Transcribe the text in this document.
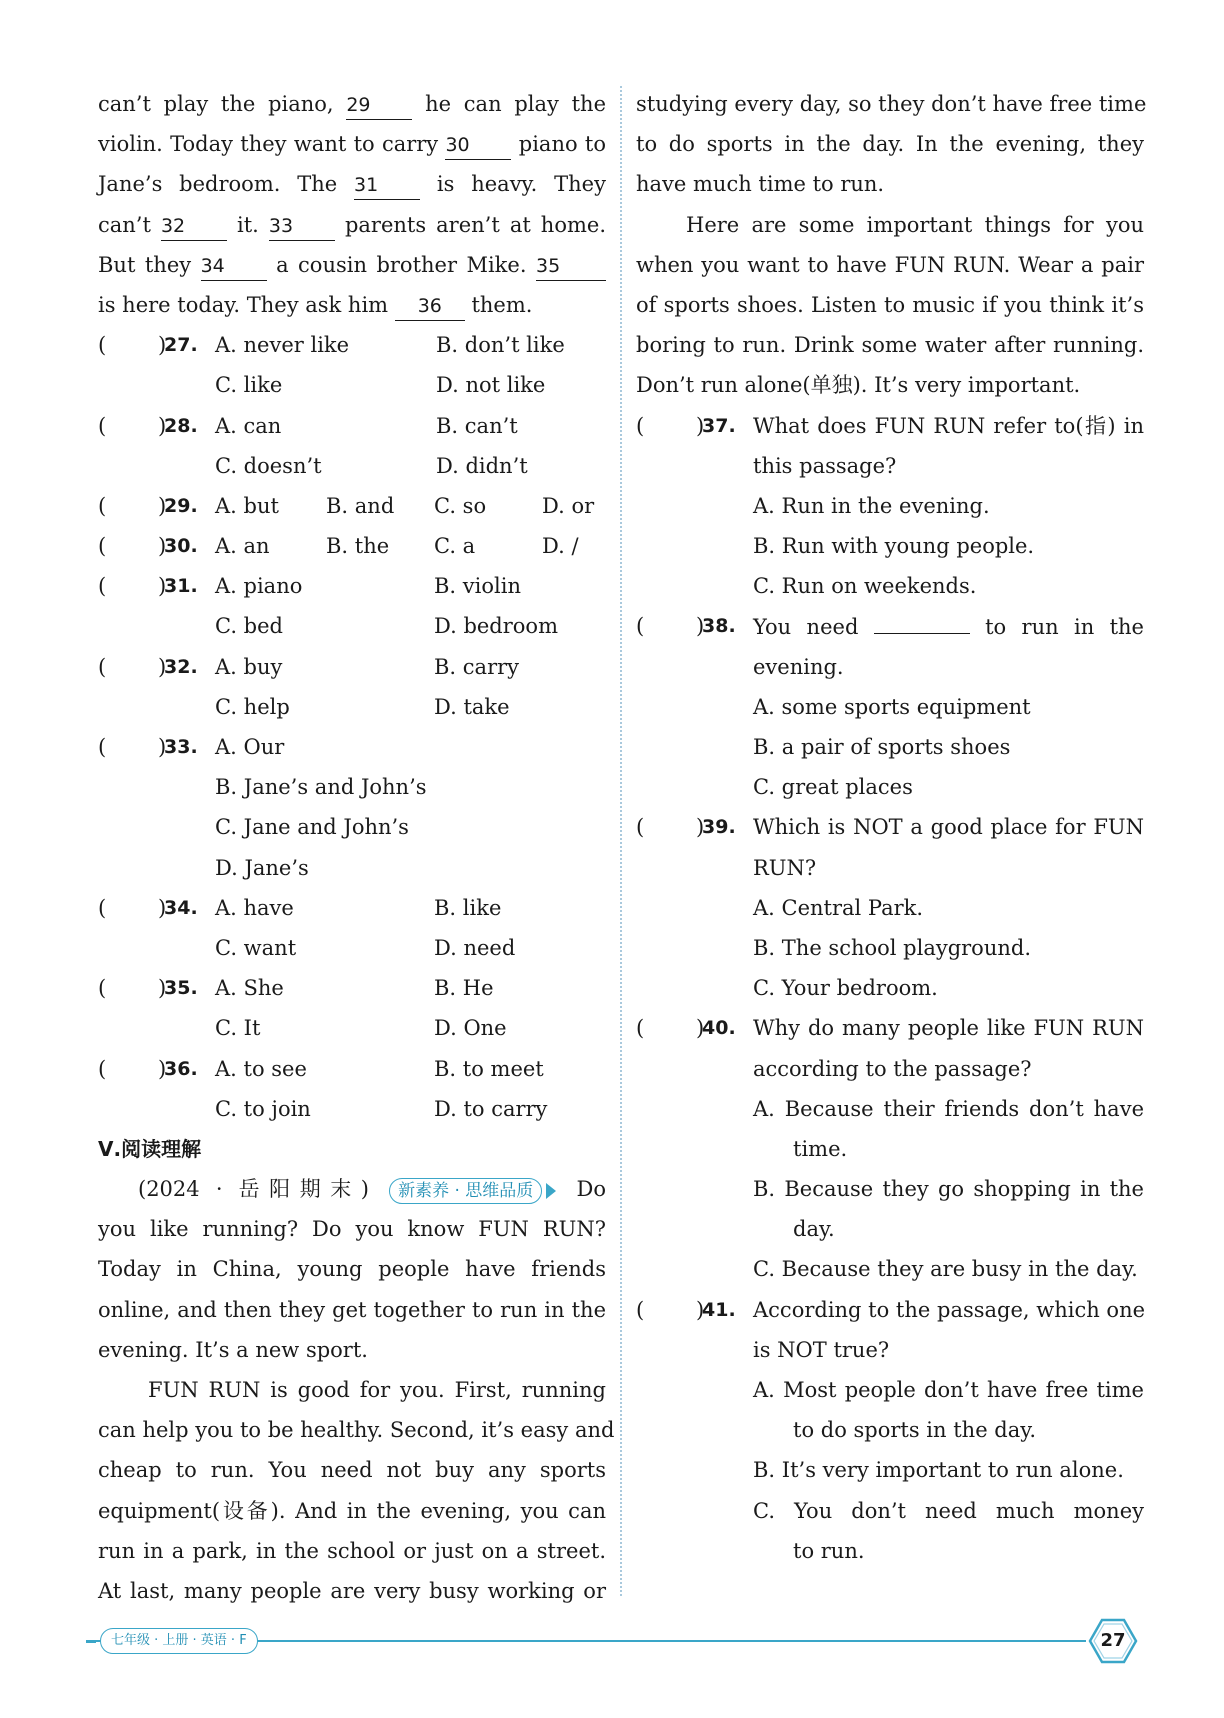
can’t play the piano, 29	he can play the
violin. Today they want to carry 30 piano to
Jane’s bedroom. The 31	is heavy. They
can’t 32 it. 33 parents aren’t at home.
But they 34 a cousin brother Mike. 35
is here today. They ask him 36 them.
( )
27. A. never like	B. don’t like
C. like	D. not like
( )
28. A. can	B. can’t
C. doesn’t	D. didn’t
( )
29. A. but B. and C. so	D. or
( )
30. A. an	B. the C. a	D. /
( )
31. A. piano	B. violin
C. bed	D. bedroom
( )
32. A. buy	B. carry
C. help	D. take
( )
33. A. Our
B. Jane’s and John’s
C. Jane and John’s
D. Jane’s
( )
34. A. have	B. like
C. want	D. need
( )
35. A. She	B. He
C. It	D. One
( )
36. A. to see	B. to meet
C. to join	D. to carry
Ⅴ.阅读理解
(2024 · 岳阳期末) 新素养 · 思维品质 Do
you like running? Do you know FUN RUN?
Today in China, young people have friends
online, and then they get together to run in the
evening. It’s a new sport.
FUN RUN is good for you. First, running
can help you to be healthy. Second, it’s easy and
cheap to run. You need not buy any sports
equipment(设备). And in the evening, you can
run in a park, in the school or just on a street.
At last, many people are very busy working or
studying every day, so they don’t have free time
to do sports in the day. In the evening, they
have much time to run.
Here are some important things for you
when you want to have FUN RUN. Wear a pair
of sports shoes. Listen to music if you think it’s
boring to run. Drink some water after running.
Don’t run alone(单独). It’s very important.
( )
37. What does FUN RUN refer to(指) in
this passage?
A. Run in the evening.
B. Run with young people.
C. Run on weekends.
( )
38. You need	to run in the
evening.
A. some sports equipment
B. a pair of sports shoes
C. great places
( )
39. Which is NOT a good place for FUN
RUN?
A. Central Park.
B. The school playground.
C. Your bedroom.
( )
40. Why do many people like FUN RUN
according to the passage?
A. Because their friends don’t have
time.
B. Because they go shopping in the
day.
C. Because they are busy in the day.
( )
41. According to the passage, which one
is NOT true?
A. Most people don’t have free time
to do sports in the day.
B. It’s very important to run alone.
C. You don’t need much money
to run.
七年级 · 上册 · 英语 · F	27
